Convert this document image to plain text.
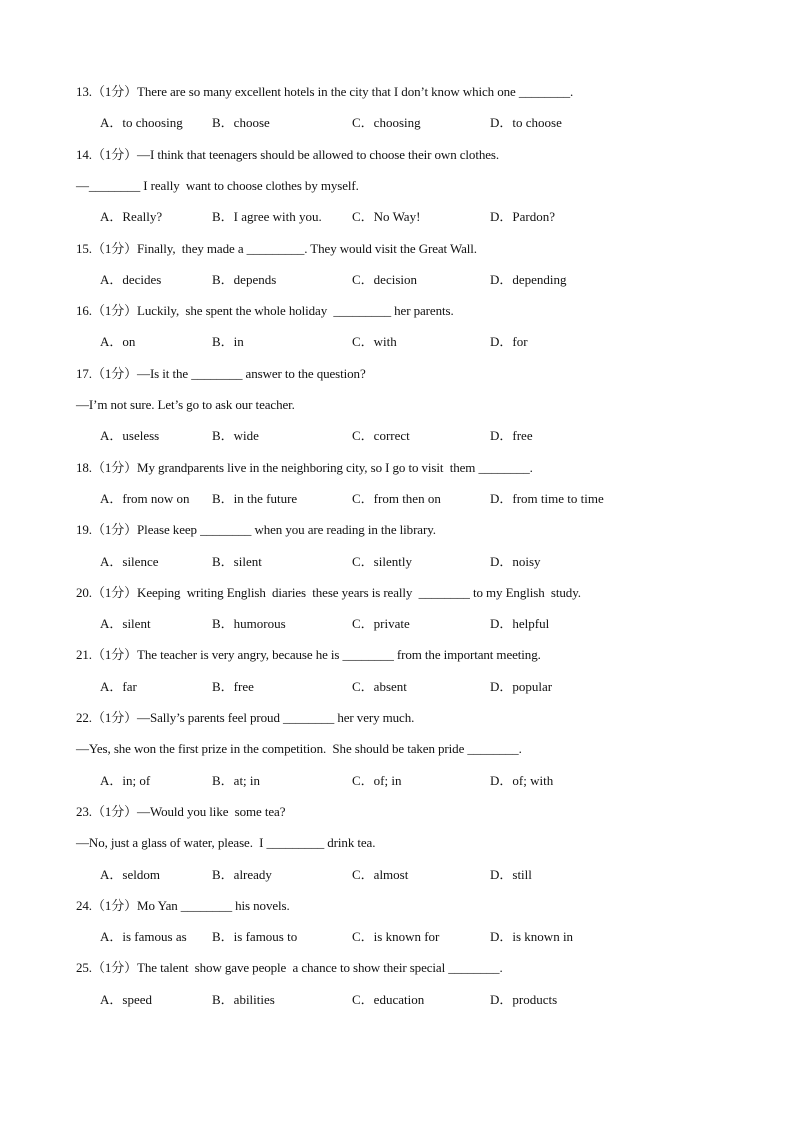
13.（1分）There are so many excellent hotels in the city that I don’t know which one ________.
A．to choosing B．choose	C．choosing	D．to choose
14.（1分）—I think that teenagers should be allowed to choose their own clothes.
—________ I really  want to choose clothes by myself.
A．Really?	B．I agree with you. C．No Way!	D．Pardon?
15.（1分）Finally,  they made a _________. They would visit the Great Wall.
A．decides	B．depends	C．decision	D．depending
16.（1分）Luckily,  she spent the whole holiday  _________ her parents.
A．on	B．in	C．with	D．for
17.（1分）—Is it the ________ answer to the question?
—I’m not sure. Let’s go to ask our teacher.
A．useless	B．wide	C．correct	D．free
18.（1分）My grandparents live in the neighboring city, so I go to visit  them ________.
A．from now on B．in the future	C．from then on	D．from time to time
19.（1分）Please keep ________ when you are reading in the library.
A．silence	B．silent	C．silently	D．noisy
20.（1分）Keeping  writing English  diaries  these years is really  ________ to my English  study.
A．silent	B．humorous	C．private	D．helpful
21.（1分）The teacher is very angry, because he is ________ from the important meeting.
A．far	B．free	C．absent	D．popular
22.（1分）—Sally’s parents feel proud ________ her very much.
—Yes, she won the first prize in the competition.  She should be taken pride ________.
A．in; of	B．at; in	C．of; in	D．of; with
23.（1分）—Would you like  some tea?
—No, just a glass of water, please.  I _________ drink tea.
A．seldom	B．already	C．almost	D．still
24.（1分）Mo Yan ________ his novels.
A．is famous as B．is famous to	C．is known for	D．is known in
25.（1分）The talent  show gave people  a chance to show their special ________.
A．speed	B．abilities	C．education	D．products
